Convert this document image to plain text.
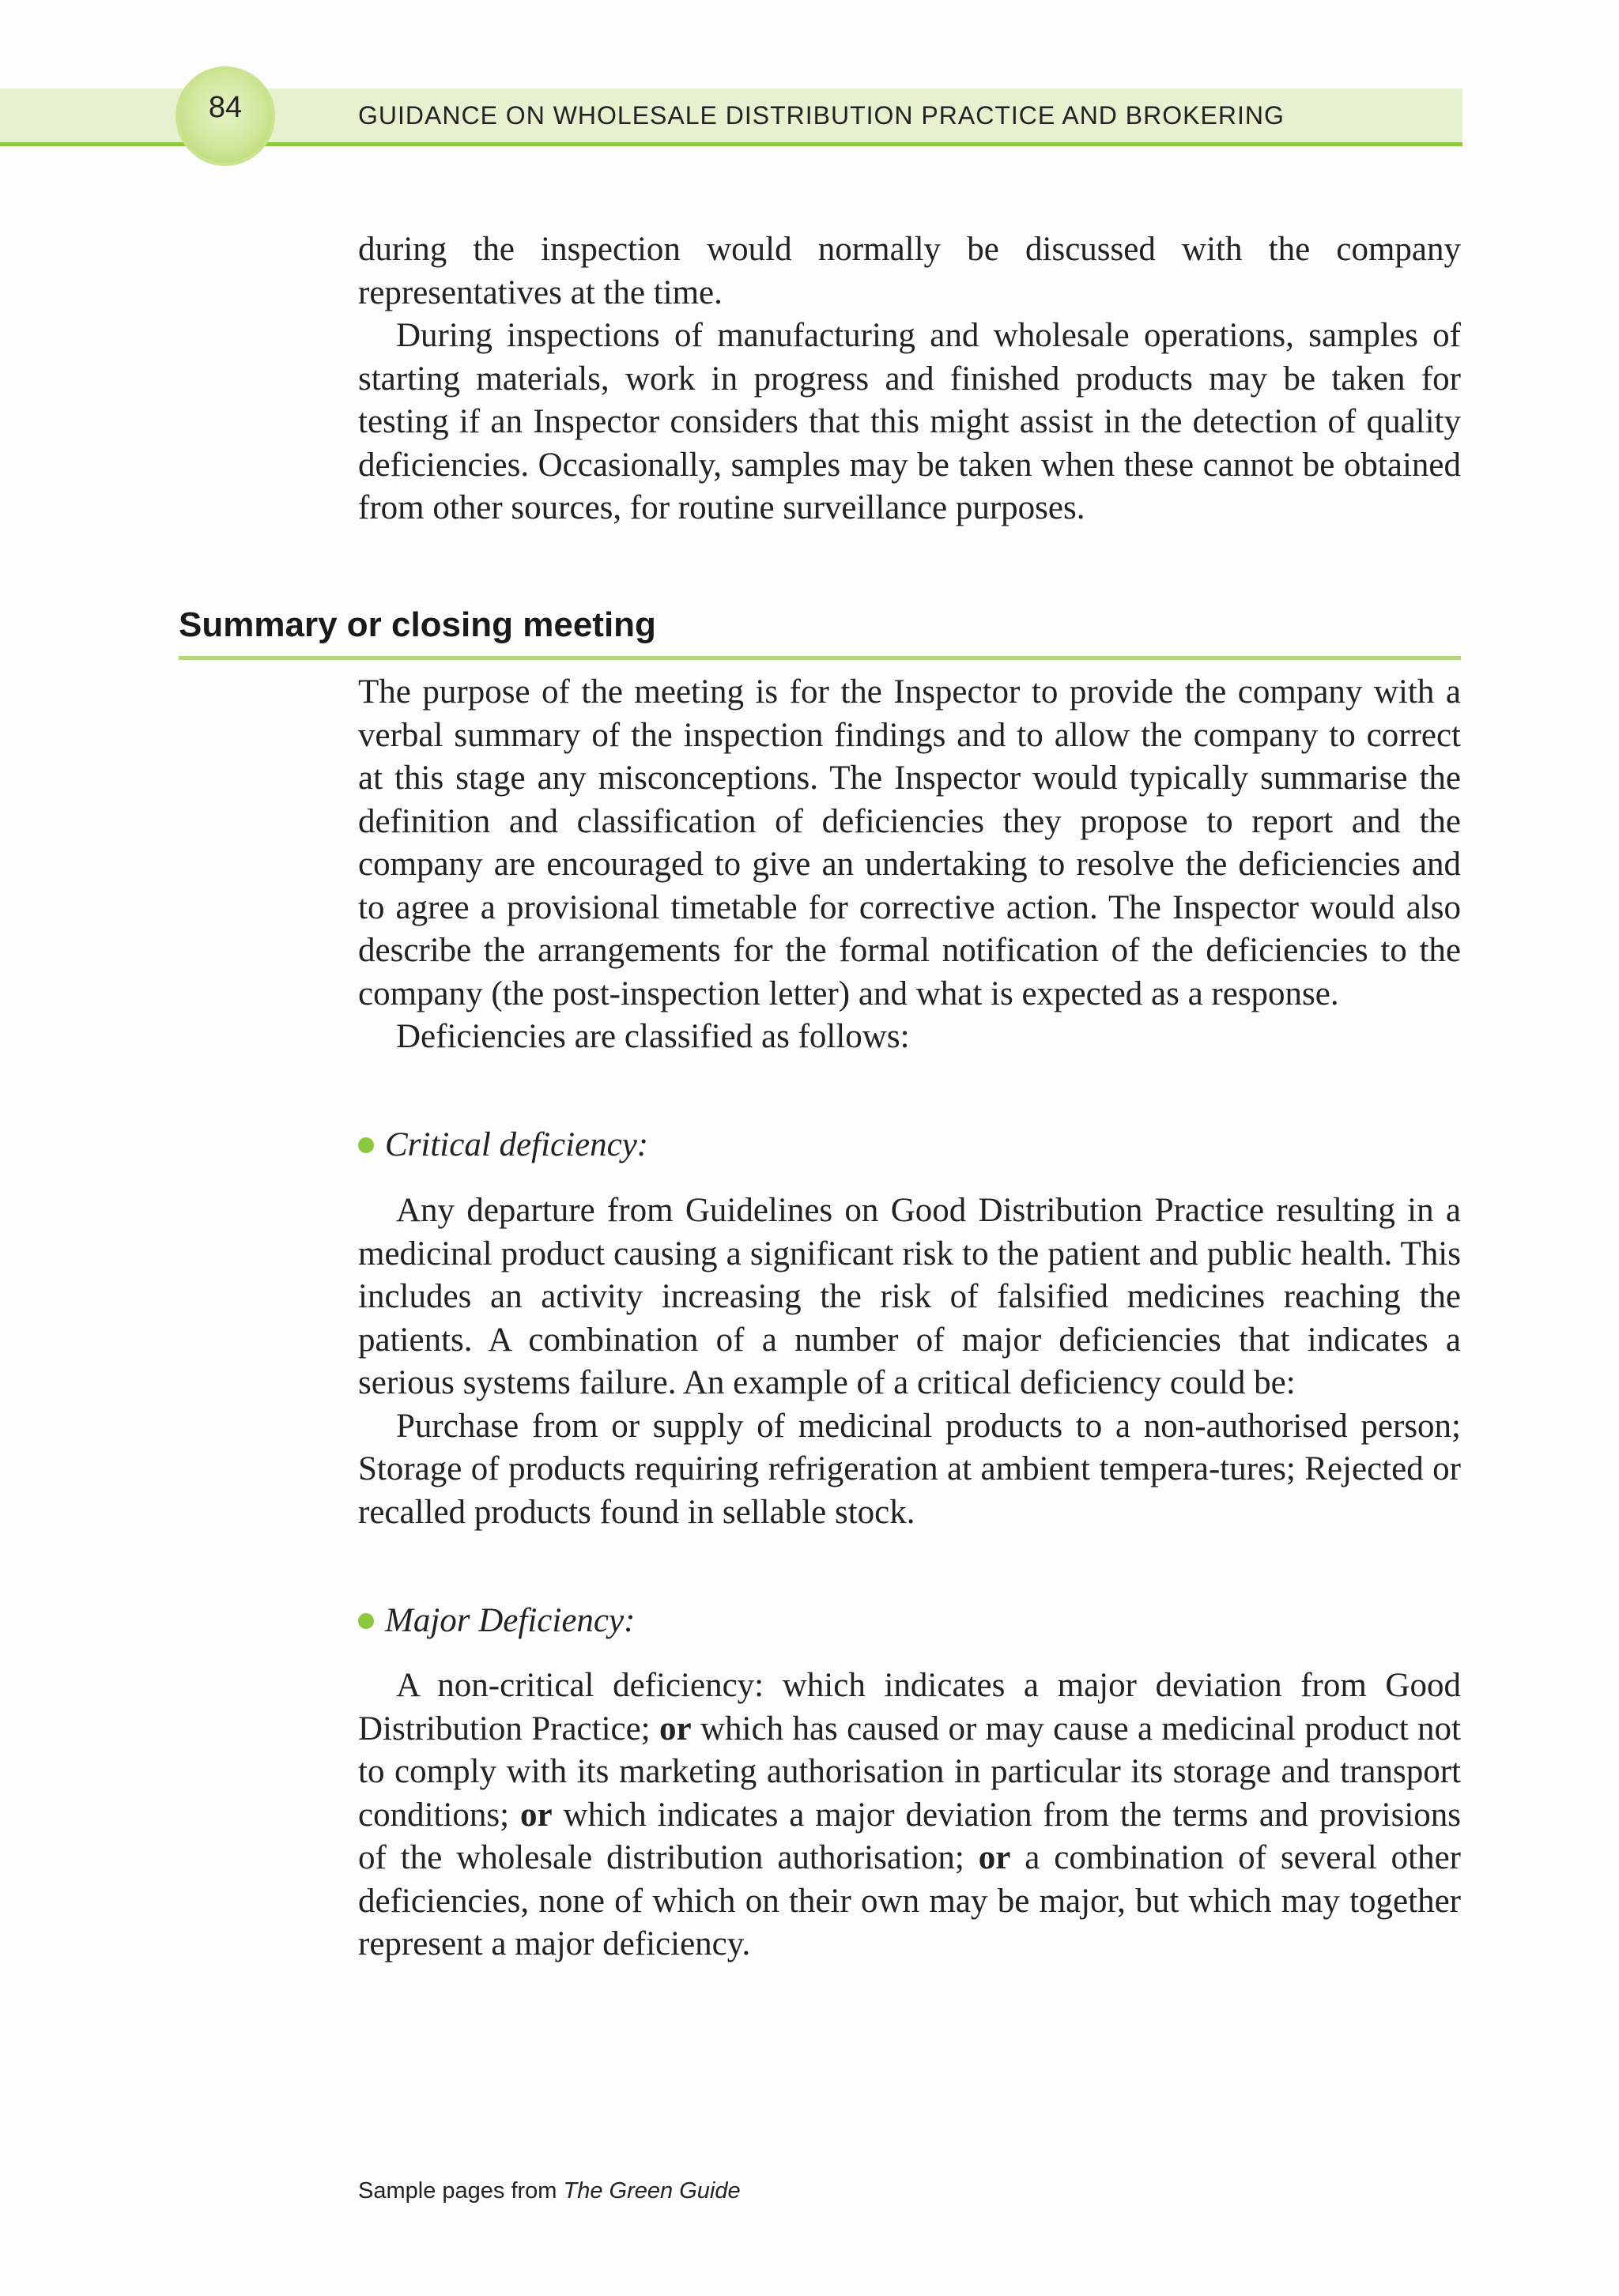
84	GUIDANCE ON WHOLESALE DISTRIBUTION PRACTICE AND BROKERING

during the inspection would normally be discussed with the company representatives at the time.

During inspections of manufacturing and wholesale operations, samples of starting materials, work in progress and finished products may be taken for testing if an Inspector considers that this might assist in the detection of quality deficiencies. Occasionally, samples may be taken when these cannot be obtained from other sources, for routine surveillance purposes.

Summary or closing meeting

The purpose of the meeting is for the Inspector to provide the company with a verbal summary of the inspection findings and to allow the company to correct at this stage any misconceptions. The Inspector would typically summarise the definition and classification of deficiencies they propose to report and the company are encouraged to give an undertaking to resolve the deficiencies and to agree a provisional timetable for corrective action. The Inspector would also describe the arrangements for the formal notification of the deficiencies to the company (the post-inspection letter) and what is expected as a response.

Deficiencies are classified as follows:

Critical deficiency:

Any departure from Guidelines on Good Distribution Practice resulting in a medicinal product causing a significant risk to the patient and public health. This includes an activity increasing the risk of falsified medicines reaching the patients. A combination of a number of major deficiencies that indicates a serious systems failure. An example of a critical deficiency could be:

Purchase from or supply of medicinal products to a non-authorised person; Storage of products requiring refrigeration at ambient tempera-tures; Rejected or recalled products found in sellable stock.

Major Deficiency:

A non-critical deficiency: which indicates a major deviation from Good Distribution Practice; or which has caused or may cause a medicinal product not to comply with its marketing authorisation in particular its storage and transport conditions; or which indicates a major deviation from the terms and provisions of the wholesale distribution authorisation; or a combination of several other deficiencies, none of which on their own may be major, but which may together represent a major deficiency.

Sample pages from The Green Guide
